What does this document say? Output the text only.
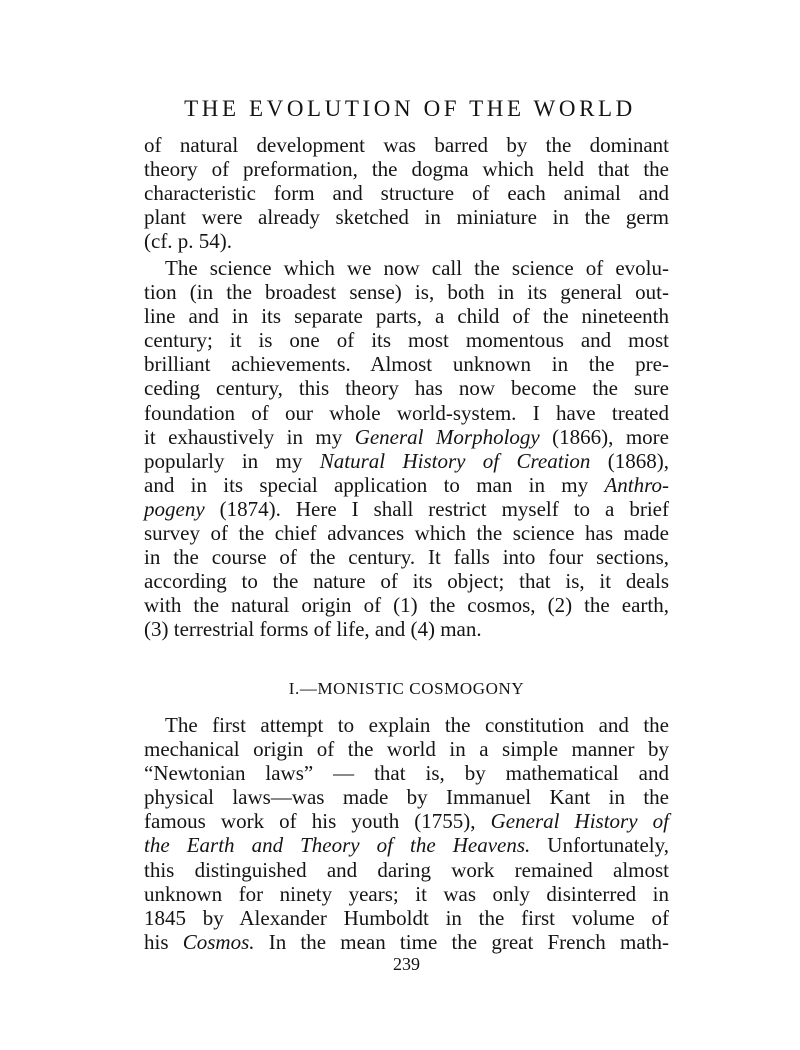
THE EVOLUTION OF THE WORLD

of natural development was barred by the dominant
theory of preformation, the dogma which held that the
characteristic form and structure of each animal and
plant were already sketched in miniature in the germ
(cf. p. 54).

The science which we now call the science of evolu-
tion (in the broadest sense) is, both in its general out-
line and in its separate parts, a child of the nineteenth
century; it is one of its most momentous and most
brilliant achievements. Almost unknown in the pre-
ceding century, this theory has now become the sure
foundation of our whole world-system. I have treated
it exhaustively in my General Morphology (1866), more
popularly in my Natural History of Creation (1868),
and in its special application to man in my Anthro-
pogeny (1874). Here I shall restrict myself to a brief
survey of the chief advances which the science has made
in the course of the century. It falls into four sections,
according to the nature of its object; that is, it deals
with the natural origin of (1) the cosmos, (2) the earth,
(3) terrestrial forms of life, and (4) man.

I.—MONISTIC COSMOGONY

The first attempt to explain the constitution and the
mechanical origin of the world in a simple manner by
“Newtonian laws” — that is, by mathematical and
physical laws—was made by Immanuel Kant in the
famous work of his youth (1755), General History of
the Earth and Theory of the Heavens. Unfortunately,
this distinguished and daring work remained almost
unknown for ninety years; it was only disinterred in
1845 by Alexander Humboldt in the first volume of
his Cosmos. In the mean time the great French math-

239
